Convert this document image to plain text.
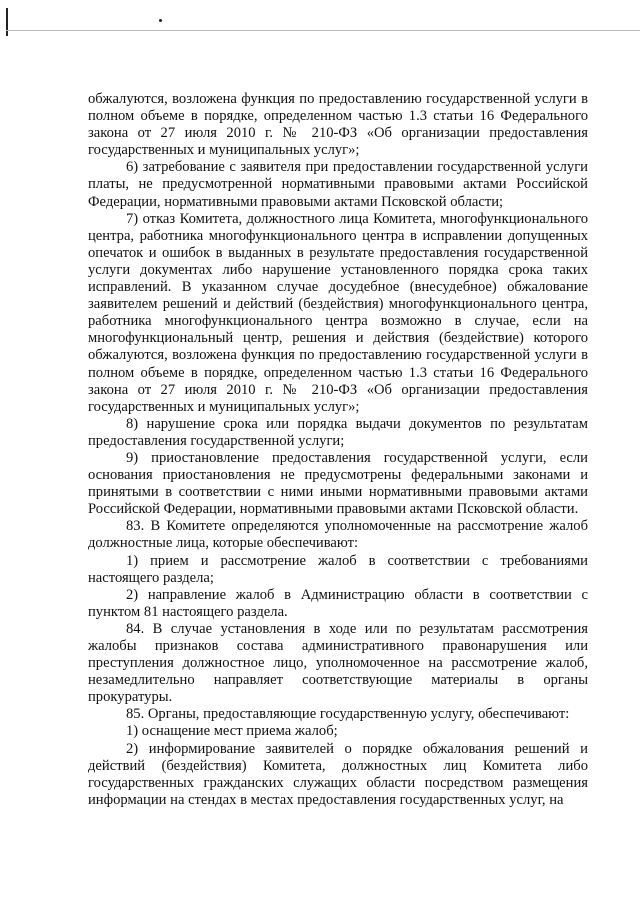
обжалуются, возложена функция по предоставлению государственной услуги в полном объеме в порядке, определенном частью 1.3 статьи 16 Федерального закона от 27 июля 2010 г. № 210-ФЗ «Об организации предоставления государственных и муниципальных услуг»;

6) затребование с заявителя при предоставлении государственной услуги платы, не предусмотренной нормативными правовыми актами Российской Федерации, нормативными правовыми актами Псковской области;

7) отказ Комитета, должностного лица Комитета, многофункционального центра, работника многофункционального центра в исправлении допущенных опечаток и ошибок в выданных в результате предоставления государственной услуги документах либо нарушение установленного порядка срока таких исправлений. В указанном случае досудебное (внесудебное) обжалование заявителем решений и действий (бездействия) многофункционального центра, работника многофункционального центра возможно в случае, если на многофункциональный центр, решения и действия (бездействие) которого обжалуются, возложена функция по предоставлению государственной услуги в полном объеме в порядке, определенном частью 1.3 статьи 16 Федерального закона от 27 июля 2010 г. № 210-ФЗ «Об организации предоставления государственных и муниципальных услуг»;

8) нарушение срока или порядка выдачи документов по результатам предоставления государственной услуги;

9) приостановление предоставления государственной услуги, если основания приостановления не предусмотрены федеральными законами и принятыми в соответствии с ними иными нормативными правовыми актами Российской Федерации, нормативными правовыми актами Псковской области.

83. В Комитете определяются уполномоченные на рассмотрение жалоб должностные лица, которые обеспечивают:

1) прием и рассмотрение жалоб в соответствии с требованиями настоящего раздела;

2) направление жалоб в Администрацию области в соответствии с пунктом 81 настоящего раздела.

84. В случае установления в ходе или по результатам рассмотрения жалобы признаков состава административного правонарушения или преступления должностное лицо, уполномоченное на рассмотрение жалоб, незамедлительно направляет соответствующие материалы в органы прокуратуры.

85. Органы, предоставляющие государственную услугу, обеспечивают:

1) оснащение мест приема жалоб;

2) информирование заявителей о порядке обжалования решений и действий (бездействия) Комитета, должностных лиц Комитета либо государственных гражданских служащих области посредством размещения информации на стендах в местах предоставления государственных услуг, на
